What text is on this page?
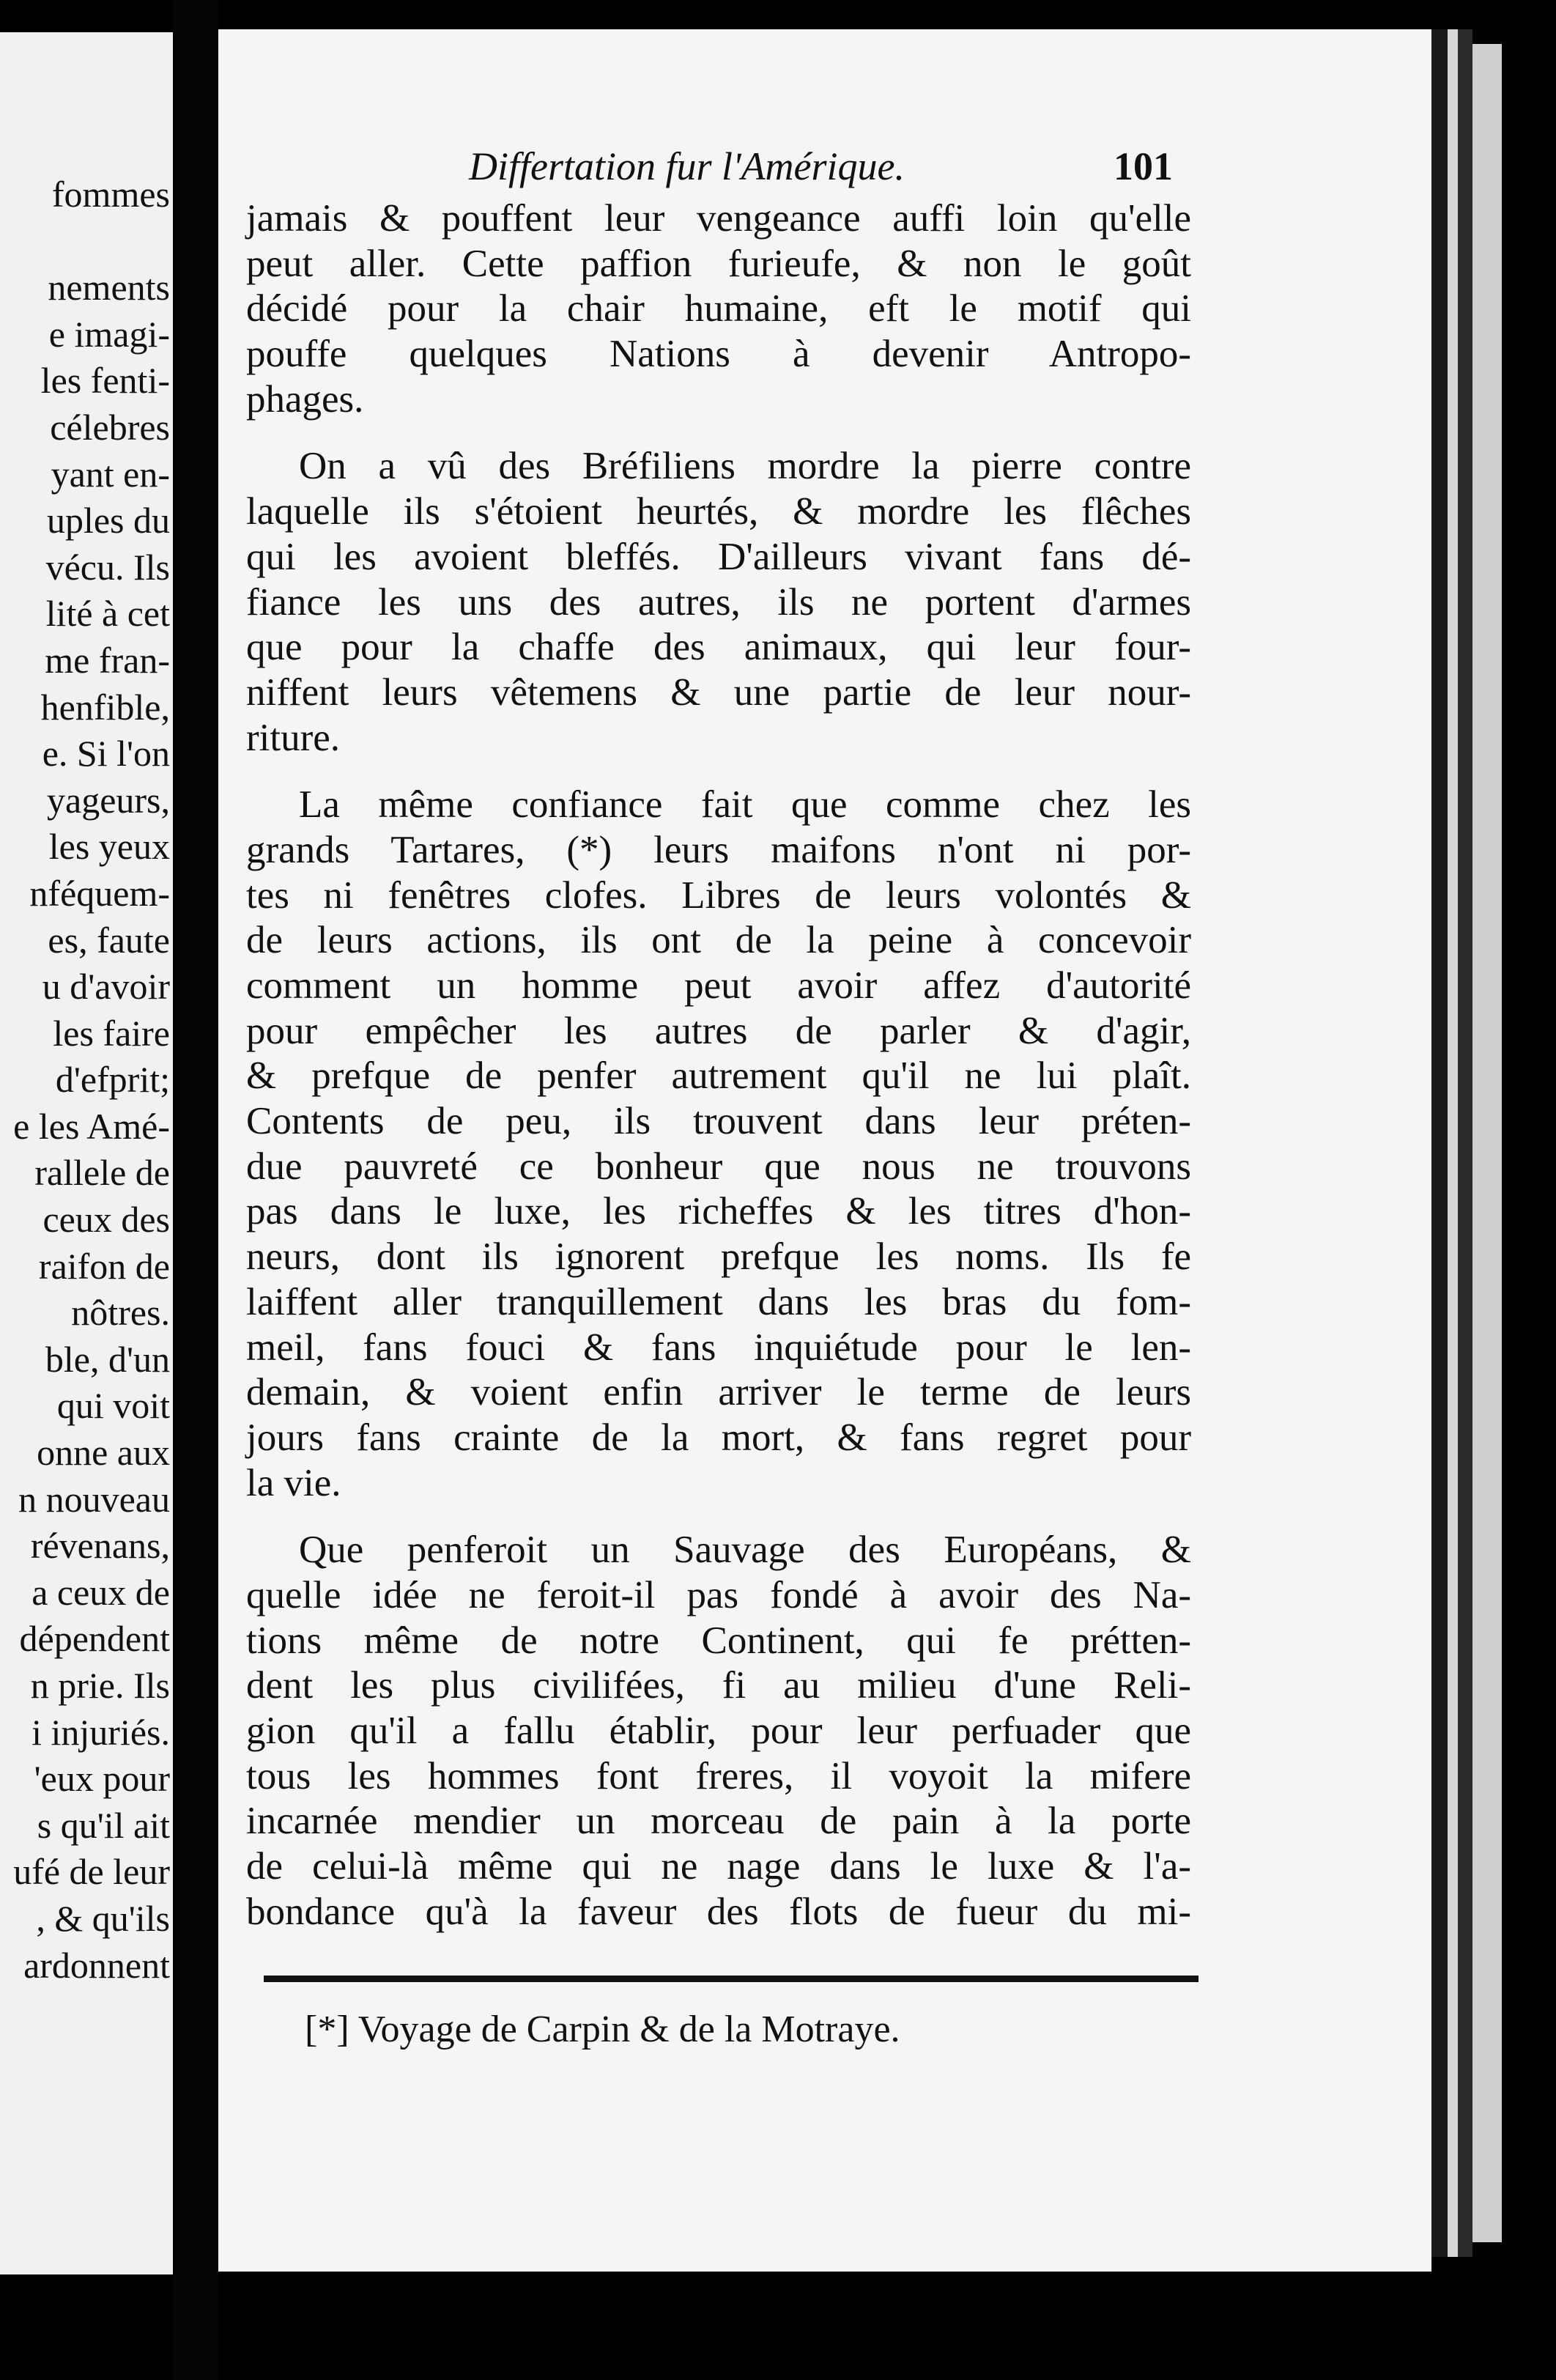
fommes
nements
e imagi-
les fenti-
célebres
yant en-
uples du
vécu. Ils
lité à cet
me fran-
henfible,
e. Si l'on
yageurs,
les yeux
nféquem-
es, faute
u d'avoir
les faire
d'efprit;
e les Amé-
rallele de
ceux des
raifon de
nôtres.
ble, d'un
qui voit
onne aux
n nouveau
révenans,
a ceux de
dépendent
n prie. Ils
i injuriés.
'eux pour
s qu'il ait
ufé de leur
, & qu'ils
ardonnent
Differtation fur l'Amérique.	101
jamais & pouffent leur vengeance auffi loin qu'elle
peut aller. Cette paffion furieufe, & non le goût
décidé pour la chair humaine, eft le motif qui
pouffe quelques Nations à devenir Antropo-
phages.
On a vû des Bréfiliens mordre la pierre contre
laquelle ils s'étoient heurtés, & mordre les flêches
qui les avoient bleffés. D'ailleurs vivant fans dé-
fiance les uns des autres, ils ne portent d'armes
que pour la chaffe des animaux, qui leur four-
niffent leurs vêtemens & une partie de leur nour-
riture.
La même confiance fait que comme chez les
grands Tartares, (*) leurs maifons n'ont ni por-
tes ni fenêtres clofes. Libres de leurs volontés &
de leurs actions, ils ont de la peine à concevoir
comment un homme peut avoir affez d'autorité
pour empêcher les autres de parler & d'agir,
& prefque de penfer autrement qu'il ne lui plaît.
Contents de peu, ils trouvent dans leur préten-
due pauvreté ce bonheur que nous ne trouvons
pas dans le luxe, les richeffes & les titres d'hon-
neurs, dont ils ignorent prefque les noms. Ils fe
laiffent aller tranquillement dans les bras du fom-
meil, fans fouci & fans inquiétude pour le len-
demain, & voient enfin arriver le terme de leurs
jours fans crainte de la mort, & fans regret pour
la vie.
Que penferoit un Sauvage des Européans, &
quelle idée ne feroit-il pas fondé à avoir des Na-
tions même de notre Continent, qui fe prétten-
dent les plus civilifées, fi au milieu d'une Reli-
gion qu'il a fallu établir, pour leur perfuader que
tous les hommes font freres, il voyoit la mifere
incarnée mendier un morceau de pain à la porte
de celui-là même qui ne nage dans le luxe & l'a-
bondance qu'à la faveur des flots de fueur du mi-
[*] Voyage de Carpin & de la Motraye.
